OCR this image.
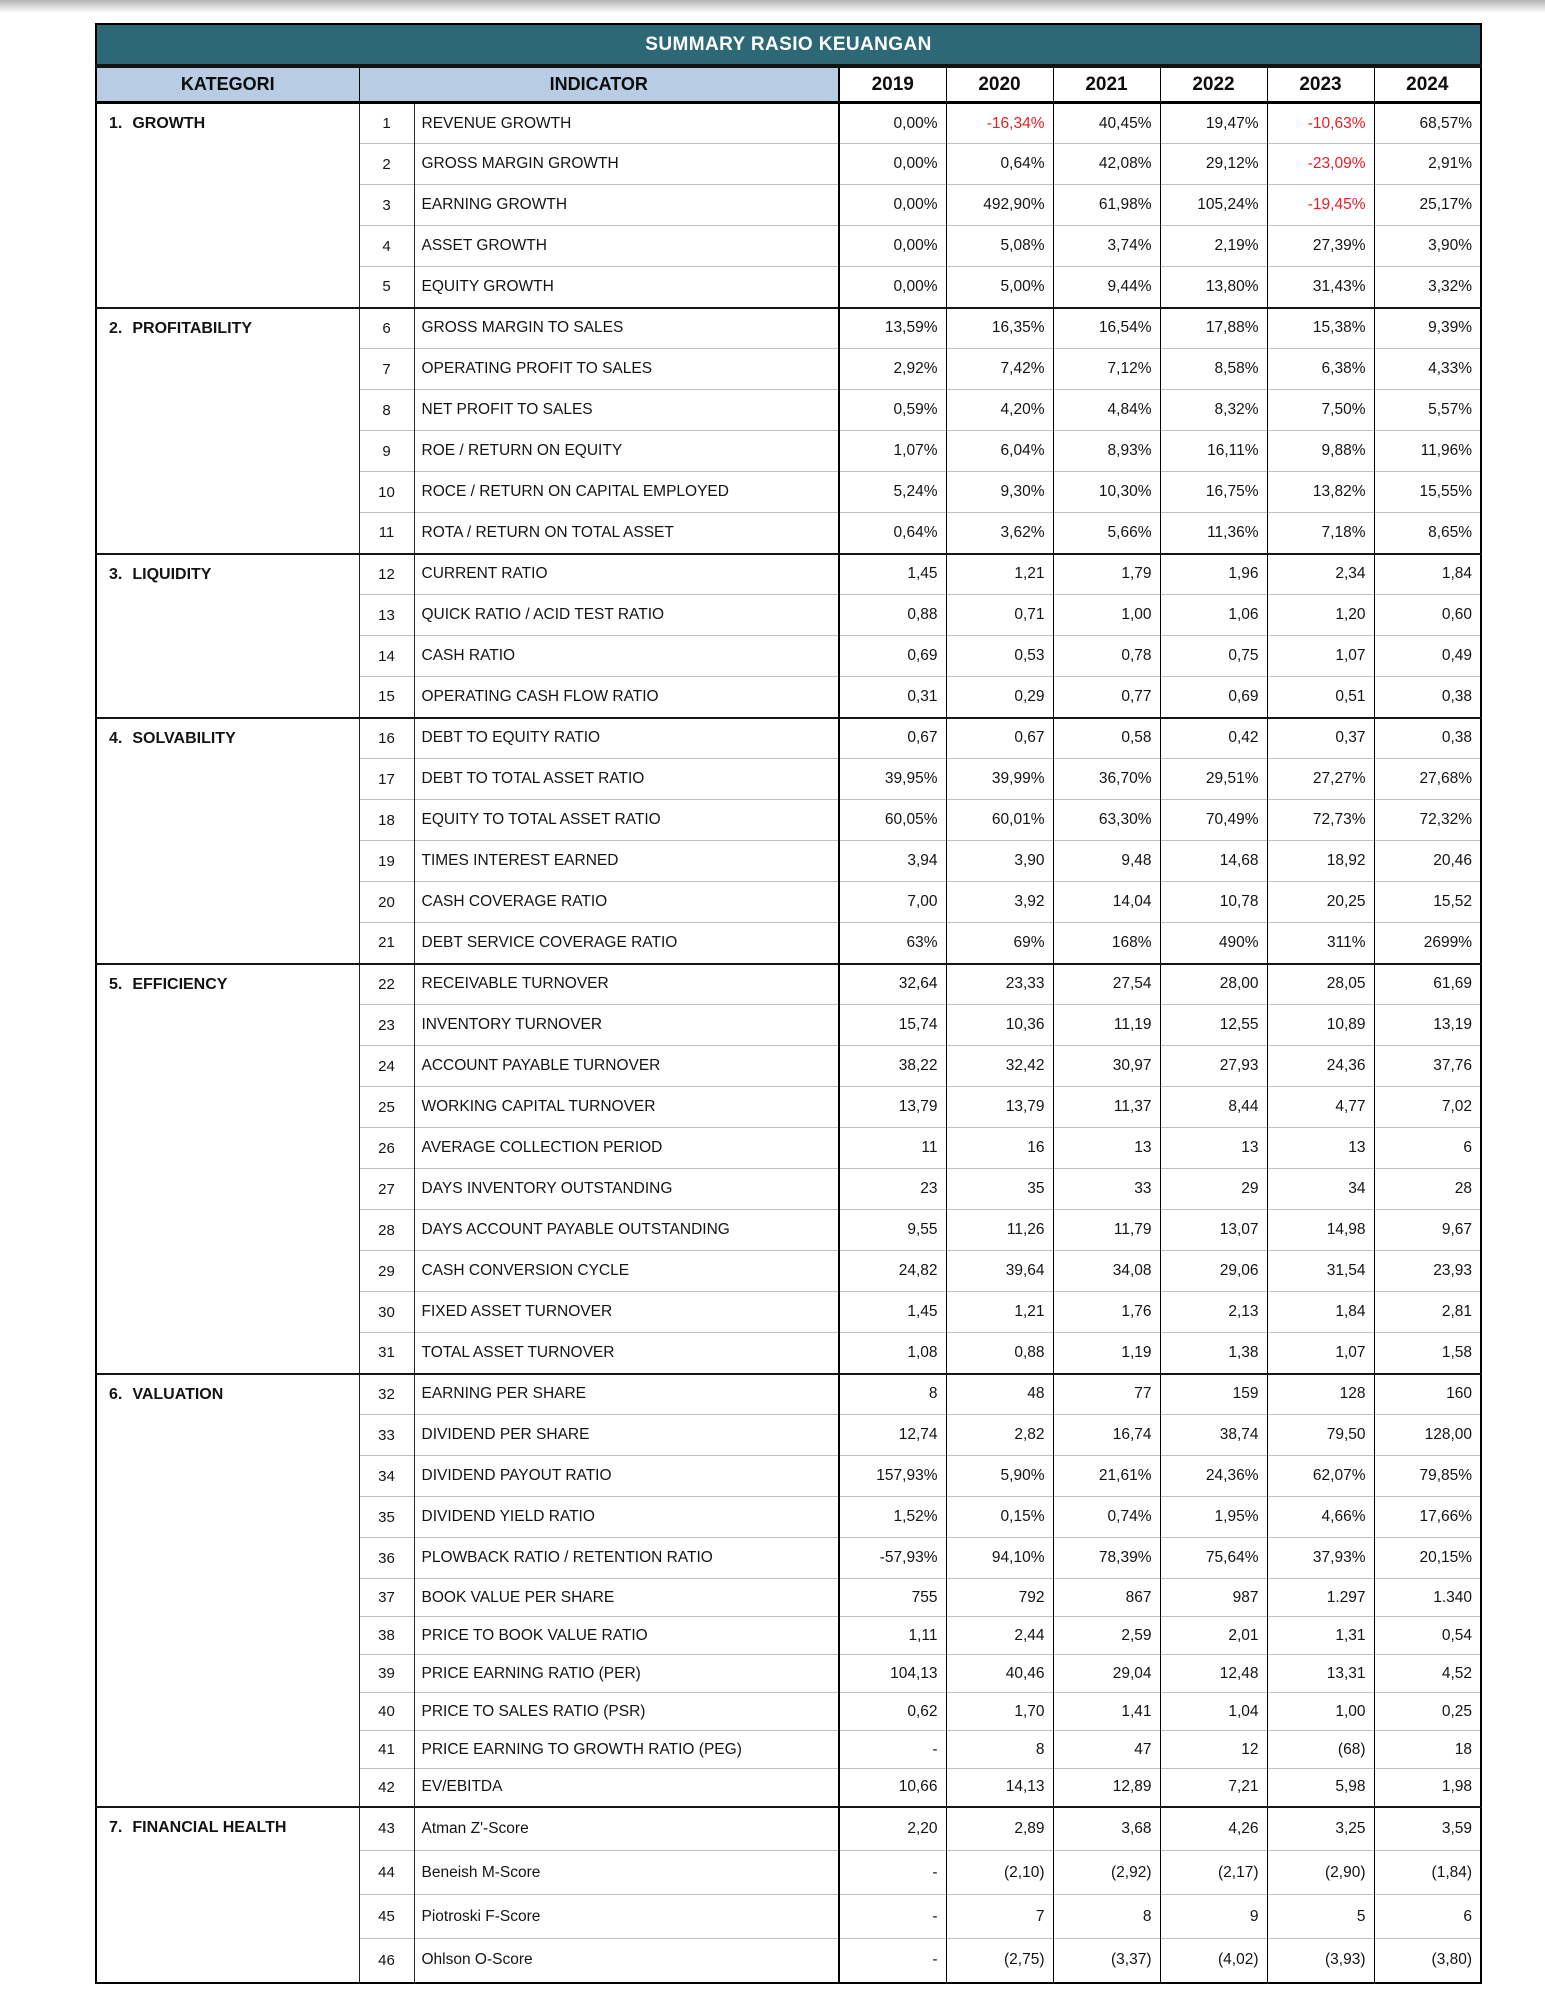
SUMMARY RASIO KEUANGAN								
KATEGORI	INDICATOR		2019	2020	2021	2022	2023	2024
1. GROWTH	1	REVENUE GROWTH	0,00%	-16,34%	40,45%	19,47%	-10,63%	68,57%
	2	GROSS MARGIN GROWTH	0,00%	0,64%	42,08%	29,12%	-23,09%	2,91%
	3	EARNING GROWTH	0,00%	492,90%	61,98%	105,24%	-19,45%	25,17%
	4	ASSET GROWTH	0,00%	5,08%	3,74%	2,19%	27,39%	3,90%
	5	EQUITY GROWTH	0,00%	5,00%	9,44%	13,80%	31,43%	3,32%
2. PROFITABILITY	6	GROSS MARGIN TO SALES	13,59%	16,35%	16,54%	17,88%	15,38%	9,39%
	7	OPERATING PROFIT TO SALES	2,92%	7,42%	7,12%	8,58%	6,38%	4,33%
	8	NET PROFIT TO SALES	0,59%	4,20%	4,84%	8,32%	7,50%	5,57%
	9	ROE / RETURN ON EQUITY	1,07%	6,04%	8,93%	16,11%	9,88%	11,96%
	10	ROCE / RETURN ON CAPITAL EMPLOYED	5,24%	9,30%	10,30%	16,75%	13,82%	15,55%
	11	ROTA / RETURN ON TOTAL ASSET	0,64%	3,62%	5,66%	11,36%	7,18%	8,65%
3. LIQUIDITY	12	CURRENT RATIO	1,45	1,21	1,79	1,96	2,34	1,84
	13	QUICK RATIO / ACID TEST RATIO	0,88	0,71	1,00	1,06	1,20	0,60
	14	CASH RATIO	0,69	0,53	0,78	0,75	1,07	0,49
	15	OPERATING CASH FLOW RATIO	0,31	0,29	0,77	0,69	0,51	0,38
4. SOLVABILITY	16	DEBT TO EQUITY RATIO	0,67	0,67	0,58	0,42	0,37	0,38
	17	DEBT TO TOTAL ASSET RATIO	39,95%	39,99%	36,70%	29,51%	27,27%	27,68%
	18	EQUITY TO TOTAL ASSET RATIO	60,05%	60,01%	63,30%	70,49%	72,73%	72,32%
	19	TIMES INTEREST EARNED	3,94	3,90	9,48	14,68	18,92	20,46
	20	CASH COVERAGE RATIO	7,00	3,92	14,04	10,78	20,25	15,52
	21	DEBT SERVICE COVERAGE RATIO	63%	69%	168%	490%	311%	2699%
5. EFFICIENCY	22	RECEIVABLE TURNOVER	32,64	23,33	27,54	28,00	28,05	61,69
	23	INVENTORY TURNOVER	15,74	10,36	11,19	12,55	10,89	13,19
	24	ACCOUNT PAYABLE TURNOVER	38,22	32,42	30,97	27,93	24,36	37,76
	25	WORKING CAPITAL TURNOVER	13,79	13,79	11,37	8,44	4,77	7,02
	26	AVERAGE COLLECTION PERIOD	11	16	13	13	13	6
	27	DAYS INVENTORY OUTSTANDING	23	35	33	29	34	28
	28	DAYS ACCOUNT PAYABLE OUTSTANDING	9,55	11,26	11,79	13,07	14,98	9,67
	29	CASH CONVERSION CYCLE	24,82	39,64	34,08	29,06	31,54	23,93
	30	FIXED ASSET TURNOVER	1,45	1,21	1,76	2,13	1,84	2,81
	31	TOTAL ASSET TURNOVER	1,08	0,88	1,19	1,38	1,07	1,58
6. VALUATION	32	EARNING PER SHARE	8	48	77	159	128	160
	33	DIVIDEND PER SHARE	12,74	2,82	16,74	38,74	79,50	128,00
	34	DIVIDEND PAYOUT RATIO	157,93%	5,90%	21,61%	24,36%	62,07%	79,85%
	35	DIVIDEND YIELD RATIO	1,52%	0,15%	0,74%	1,95%	4,66%	17,66%
	36	PLOWBACK RATIO / RETENTION RATIO	-57,93%	94,10%	78,39%	75,64%	37,93%	20,15%
	37	BOOK VALUE PER SHARE	755	792	867	987	1.297	1.340
	38	PRICE TO BOOK VALUE RATIO	1,11	2,44	2,59	2,01	1,31	0,54
	39	PRICE EARNING RATIO (PER)	104,13	40,46	29,04	12,48	13,31	4,52
	40	PRICE TO SALES RATIO (PSR)	0,62	1,70	1,41	1,04	1,00	0,25
	41	PRICE EARNING TO GROWTH RATIO (PEG)	-	8	47	12	(68)	18
	42	EV/EBITDA	10,66	14,13	12,89	7,21	5,98	1,98
7. FINANCIAL HEALTH	43	Atman Z'-Score	2,20	2,89	3,68	4,26	3,25	3,59
	44	Beneish M-Score	-	(2,10)	(2,92)	(2,17)	(2,90)	(1,84)
	45	Piotroski F-Score	-	7	8	9	5	6
	46	Ohlson O-Score	-	(2,75)	(3,37)	(4,02)	(3,93)	(3,80)
